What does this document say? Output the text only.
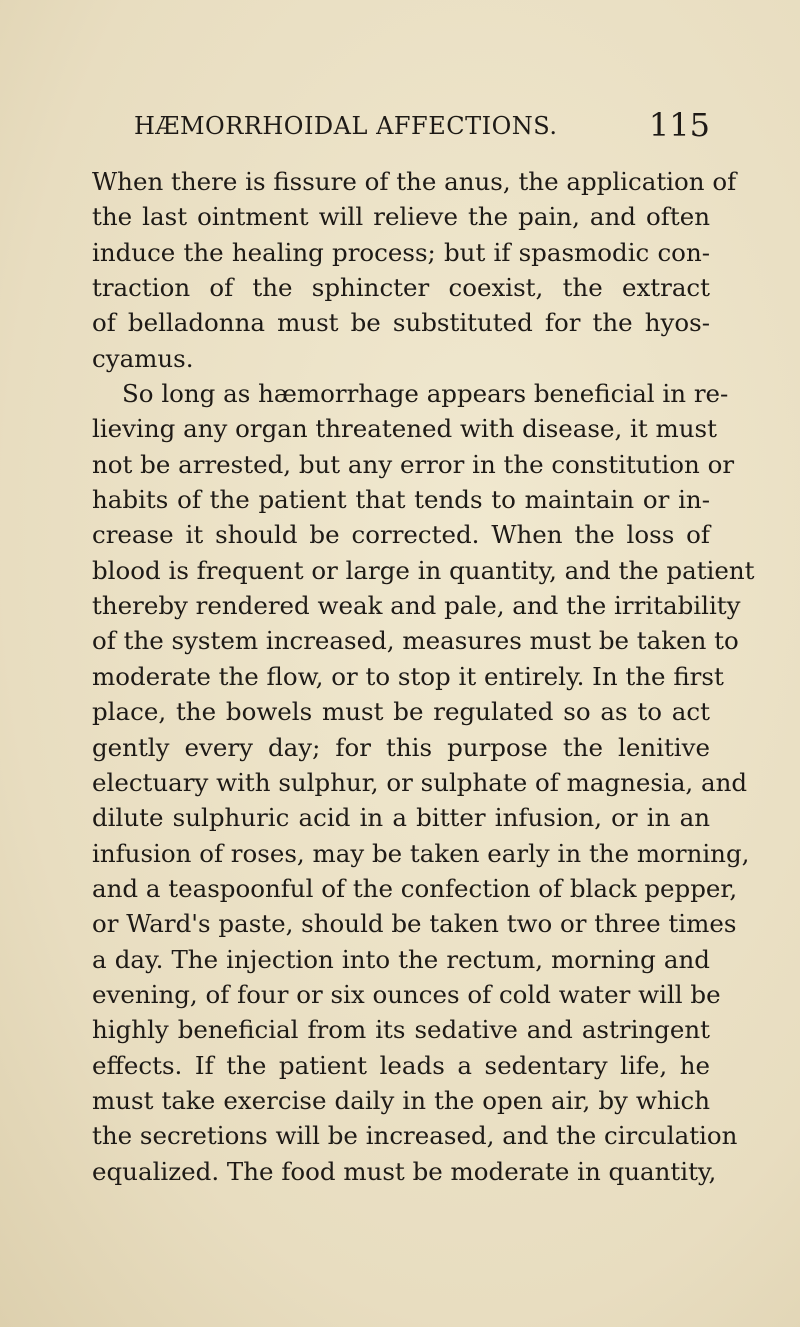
HÆMORRHOIDAL AFFECTIONS.	115
When there is fissure of the anus, the application of
the last ointment will relieve the pain, and often
induce the healing process; but if spasmodic con-
traction of the sphincter coexist, the extract
of belladonna must be substituted for the hyos-
cyamus.
So long as hæmorrhage appears beneficial in re-
lieving any organ threatened with disease, it must
not be arrested, but any error in the constitution or
habits of the patient that tends to maintain or in-
crease it should be corrected. When the loss of
blood is frequent or large in quantity, and the patient
thereby rendered weak and pale, and the irritability
of the system increased, measures must be taken to
moderate the flow, or to stop it entirely. In the first
place, the bowels must be regulated so as to act
gently every day; for this purpose the lenitive
electuary with sulphur, or sulphate of magnesia, and
dilute sulphuric acid in a bitter infusion, or in an
infusion of roses, may be taken early in the morning,
and a teaspoonful of the confection of black pepper,
or Ward's paste, should be taken two or three times
a day. The injection into the rectum, morning and
evening, of four or six ounces of cold water will be
highly beneficial from its sedative and astringent
effects. If the patient leads a sedentary life, he
must take exercise daily in the open air, by which
the secretions will be increased, and the circulation
equalized. The food must be moderate in quantity,
